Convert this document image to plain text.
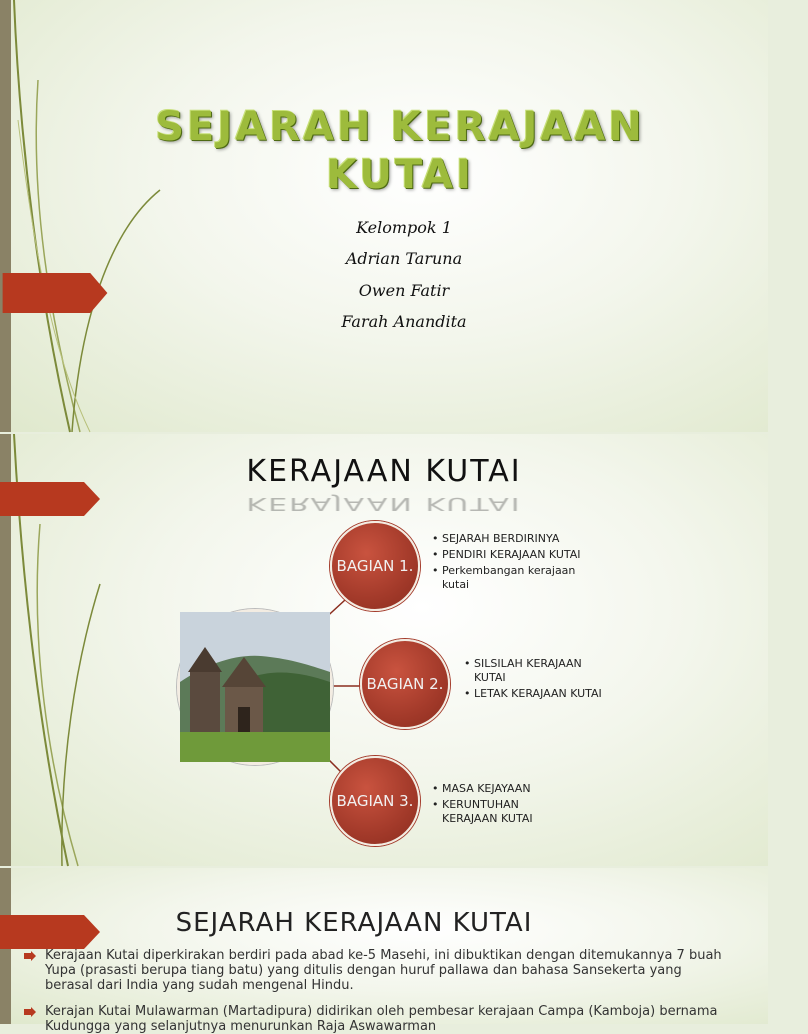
SEJARAH KERAJAAN
KUTAI
Kelompok 1
Adrian Taruna
Owen Fatir
Farah Anandita
KERAJAAN KUTAI
KERAJAAN KUTAI
BAGIAN 1.
BAGIAN 2.
BAGIAN 3.
• SEJARAH BERDIRINYA
• PENDIRI KERAJAAN KUTAI
• Perkembangan kerajaan kutai
• SILSILAH KERAJAAN KUTAI
• LETAK KERAJAAN KUTAI
• MASA KEJAYAAN
• KERUNTUHAN KERAJAAN KUTAI
SEJARAH KERAJAAN KUTAI
Kerajaan Kutai diperkirakan berdiri pada abad ke-5 Masehi, ini dibuktikan dengan ditemukannya 7 buah Yupa (prasasti berupa tiang batu) yang ditulis dengan huruf pallawa dan bahasa Sansekerta yang berasal dari India yang sudah mengenal Hindu.
Kerajan Kutai Mulawarman (Martadipura) didirikan oleh pembesar kerajaan Campa (Kamboja) bernama Kudungga yang selanjutnya menurunkan Raja Aswawarman
